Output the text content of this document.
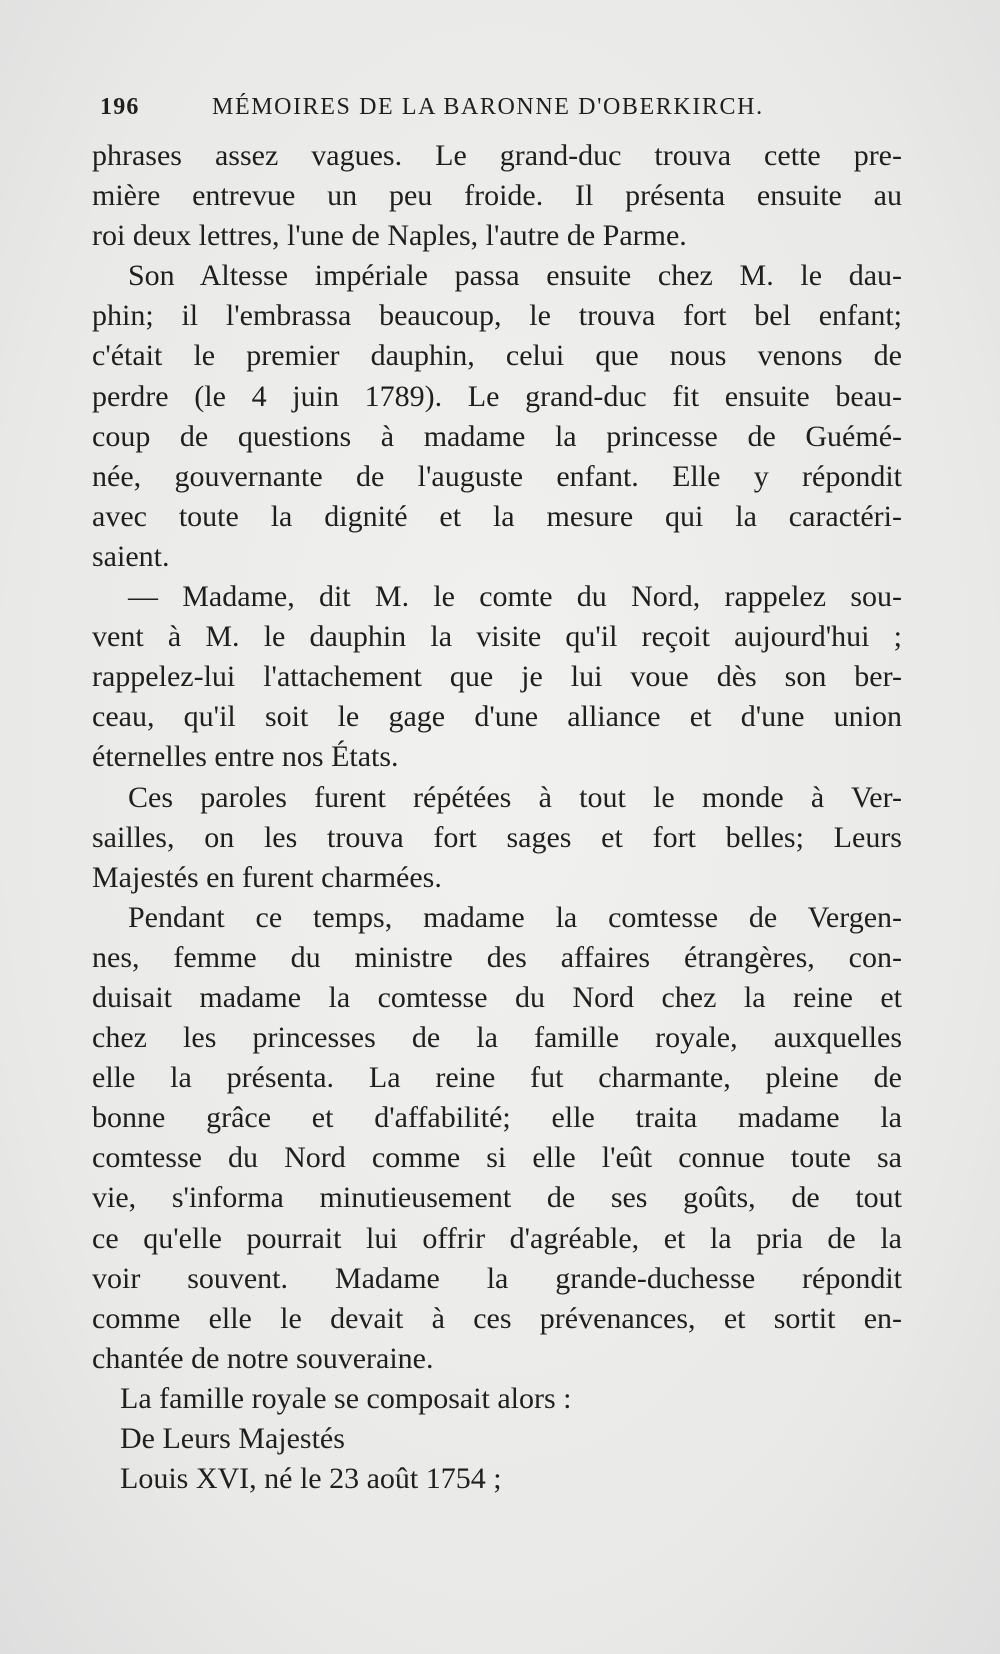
196	MÉMOIRES DE LA BARONNE D'OBERKIRCH.
phrases assez vagues. Le grand-duc trouva cette pre-
mière entrevue un peu froide. Il présenta ensuite au
roi deux lettres, l'une de Naples, l'autre de Parme.
Son Altesse impériale passa ensuite chez M. le dau-
phin; il l'embrassa beaucoup, le trouva fort bel enfant;
c'était le premier dauphin, celui que nous venons de
perdre (le 4 juin 1789). Le grand-duc fit ensuite beau-
coup de questions à madame la princesse de Guémé-
née, gouvernante de l'auguste enfant. Elle y répondit
avec toute la dignité et la mesure qui la caractéri-
saient.
— Madame, dit M. le comte du Nord, rappelez sou-
vent à M. le dauphin la visite qu'il reçoit aujourd'hui ;
rappelez-lui l'attachement que je lui voue dès son ber-
ceau, qu'il soit le gage d'une alliance et d'une union
éternelles entre nos États.
Ces paroles furent répétées à tout le monde à Ver-
sailles, on les trouva fort sages et fort belles; Leurs
Majestés en furent charmées.
Pendant ce temps, madame la comtesse de Vergen-
nes, femme du ministre des affaires étrangères, con-
duisait madame la comtesse du Nord chez la reine et
chez les princesses de la famille royale, auxquelles
elle la présenta. La reine fut charmante, pleine de
bonne grâce et d'affabilité; elle traita madame la
comtesse du Nord comme si elle l'eût connue toute sa
vie, s'informa minutieusement de ses goûts, de tout
ce qu'elle pourrait lui offrir d'agréable, et la pria de la
voir souvent. Madame la grande-duchesse répondit
comme elle le devait à ces prévenances, et sortit en-
chantée de notre souveraine.
La famille royale se composait alors :
De Leurs Majestés
Louis XVI, né le 23 août 1754 ;
